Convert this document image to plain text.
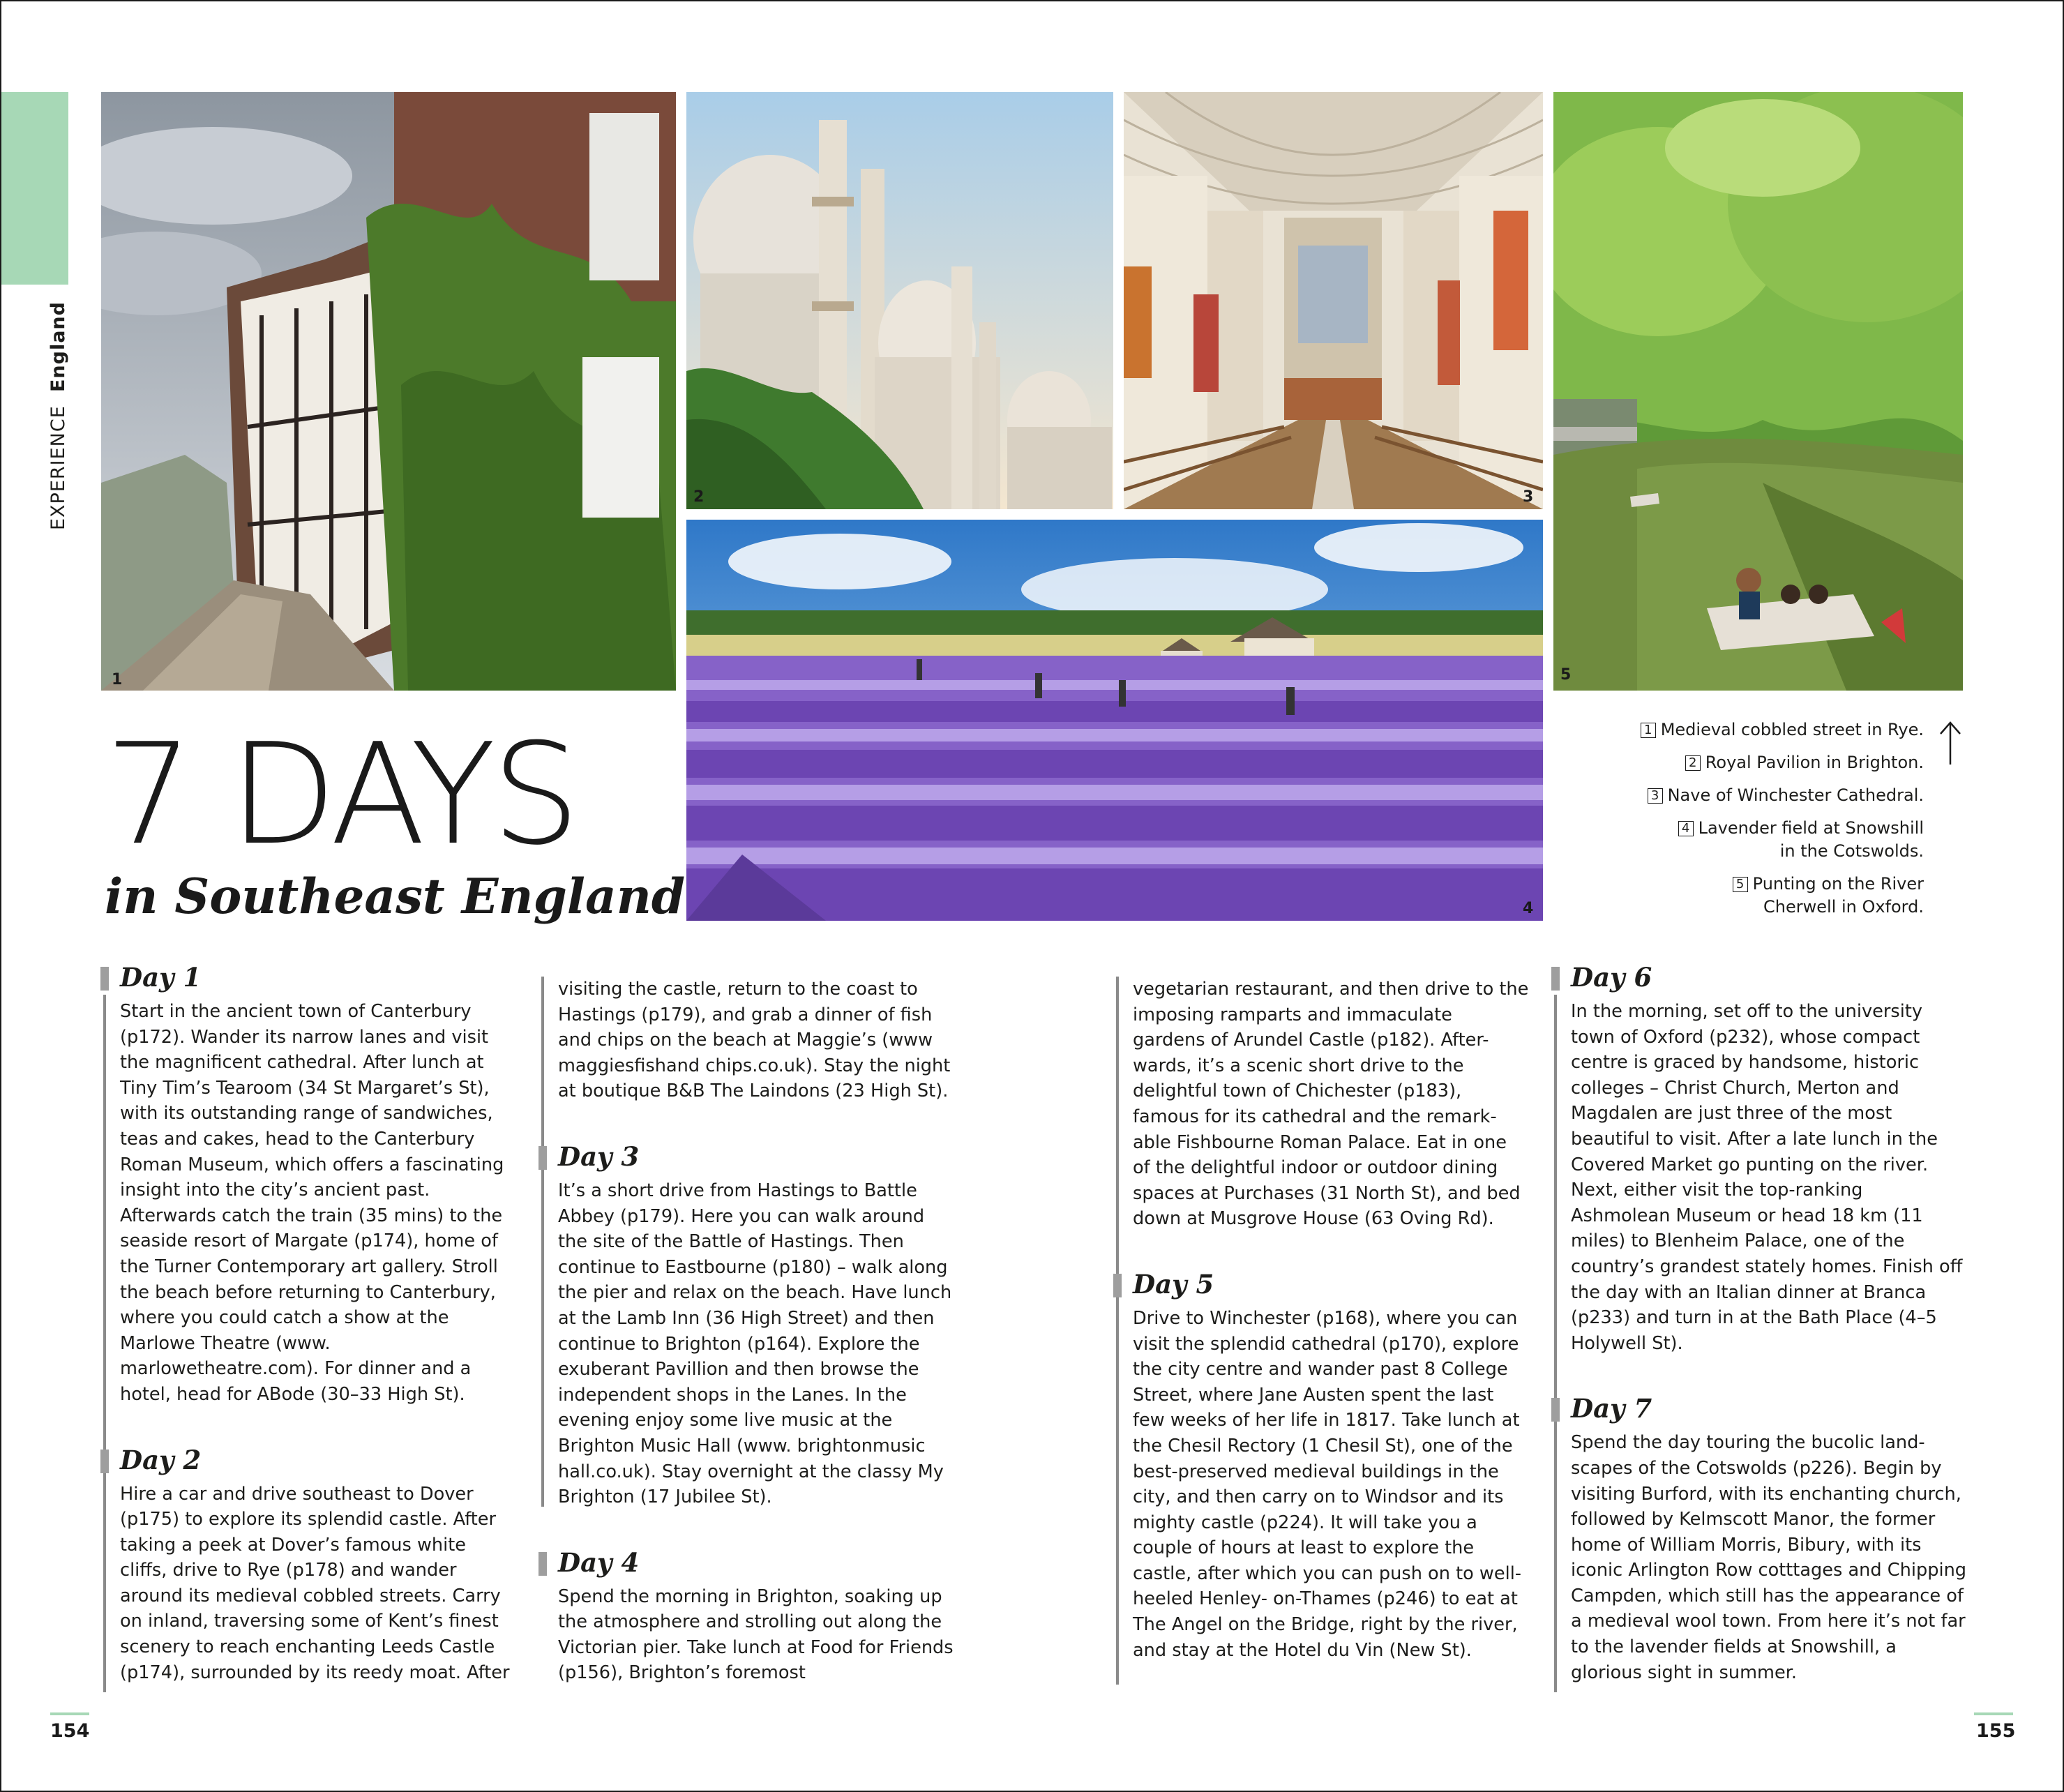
EXPERIENCE  England
1
2	3
4
5
7 DAYS
in Southeast England
1 Medieval cobbled street in Rye.
2 Royal Pavilion in Brighton.
3 Nave of Winchester Cathedral.
4 Lavender field at Snowshill in the Cotswolds.
5 Punting on the River Cherwell in Oxford.
Day 1

Start in the ancient town of Canterbury (p172). Wander its narrow lanes and visit the magnificent cathedral. After lunch at Tiny Tim’s Tearoom (34 St Margaret’s St), with its outstanding range of sandwiches, teas and cakes, head to the Canterbury Roman Museum, which offers a fascinating insight into the city’s ancient past. Afterwards catch the train (35 mins) to the seaside resort of Margate (p174), home of the Turner Contemporary art gallery. Stroll the beach before returning to Canterbury, where you could catch a show at the Marlowe Theatre (www. marlowetheatre.com). For dinner and a hotel, head for ABode (30–33 High St).

Day 2

Hire a car and drive southeast to Dover (p175) to explore its splendid castle. After taking a peek at Dover’s famous white cliffs, drive to Rye (p178) and wander around its medieval cobbled streets. Carry on inland, traversing some of Kent’s finest scenery to reach enchanting Leeds Castle (p174), surrounded by its reedy moat. After

visiting the castle, return to the coast to Hastings (p179), and grab a dinner of fish and chips on the beach at Maggie’s (www maggiesfishand chips.co.uk). Stay the night at boutique B&B The Laindons (23 High St).

Day 3

It’s a short drive from Hastings to Battle Abbey (p179). Here you can walk around the site of the Battle of Hastings. Then continue to Eastbourne (p180) – walk along the pier and relax on the beach. Have lunch at the Lamb Inn (36 High Street) and then continue to Brighton (p164). Explore the exuberant Pavillion and then browse the independent shops in the Lanes. In the evening enjoy some live music at the Brighton Music Hall (www. brightonmusic hall.co.uk). Stay overnight at the classy My Brighton (17 Jubilee St).

Day 4

Spend the morning in Brighton, soaking up the atmosphere and strolling out along the Victorian pier. Take lunch at Food for Friends (p156), Brighton’s foremost

vegetarian restaurant, and then drive to the imposing ramparts and immaculate gardens of Arundel Castle (p182). After- wards, it’s a scenic short drive to the delightful town of Chichester (p183), famous for its cathedral and the remark- able Fishbourne Roman Palace. Eat in one of the delightful indoor or outdoor dining spaces at Purchases (31 North St), and bed down at Musgrove House (63 Oving Rd).

Day 5

Drive to Winchester (p168), where you can visit the splendid cathedral (p170), explore the city centre and wander past 8 College Street, where Jane Austen spent the last few weeks of her life in 1817. Take lunch at the Chesil Rectory (1 Chesil St), one of the best-preserved medieval buildings in the city, and then carry on to Windsor and its mighty castle (p224). It will take you a couple of hours at least to explore the castle, after which you can push on to well-heeled Henley- on-Thames (p246) to eat at The Angel on the Bridge, right by the river, and stay at the Hotel du Vin (New St).

Day 6

In the morning, set off to the university town of Oxford (p232), whose compact centre is graced by handsome, historic colleges – Christ Church, Merton and Magdalen are just three of the most beautiful to visit. After a late lunch in the Covered Market go punting on the river. Next, either visit the top-ranking Ashmolean Museum or head 18 km (11 miles) to Blenheim Palace, one of the country’s grandest stately homes. Finish off the day with an Italian dinner at Branca (p233) and turn in at the Bath Place (4–5 Holywell St).

Day 7

Spend the day touring the bucolic land- scapes of the Cotswolds (p226). Begin by visiting Burford, with its enchanting church, followed by Kelmscott Manor, the former home of William Morris, Bibury, with its iconic Arlington Row cotttages and Chipping Campden, which still has the appearance of a medieval wool town. From here it’s not far to the lavender fields at Snowshill, a glorious sight in summer.

154	155
